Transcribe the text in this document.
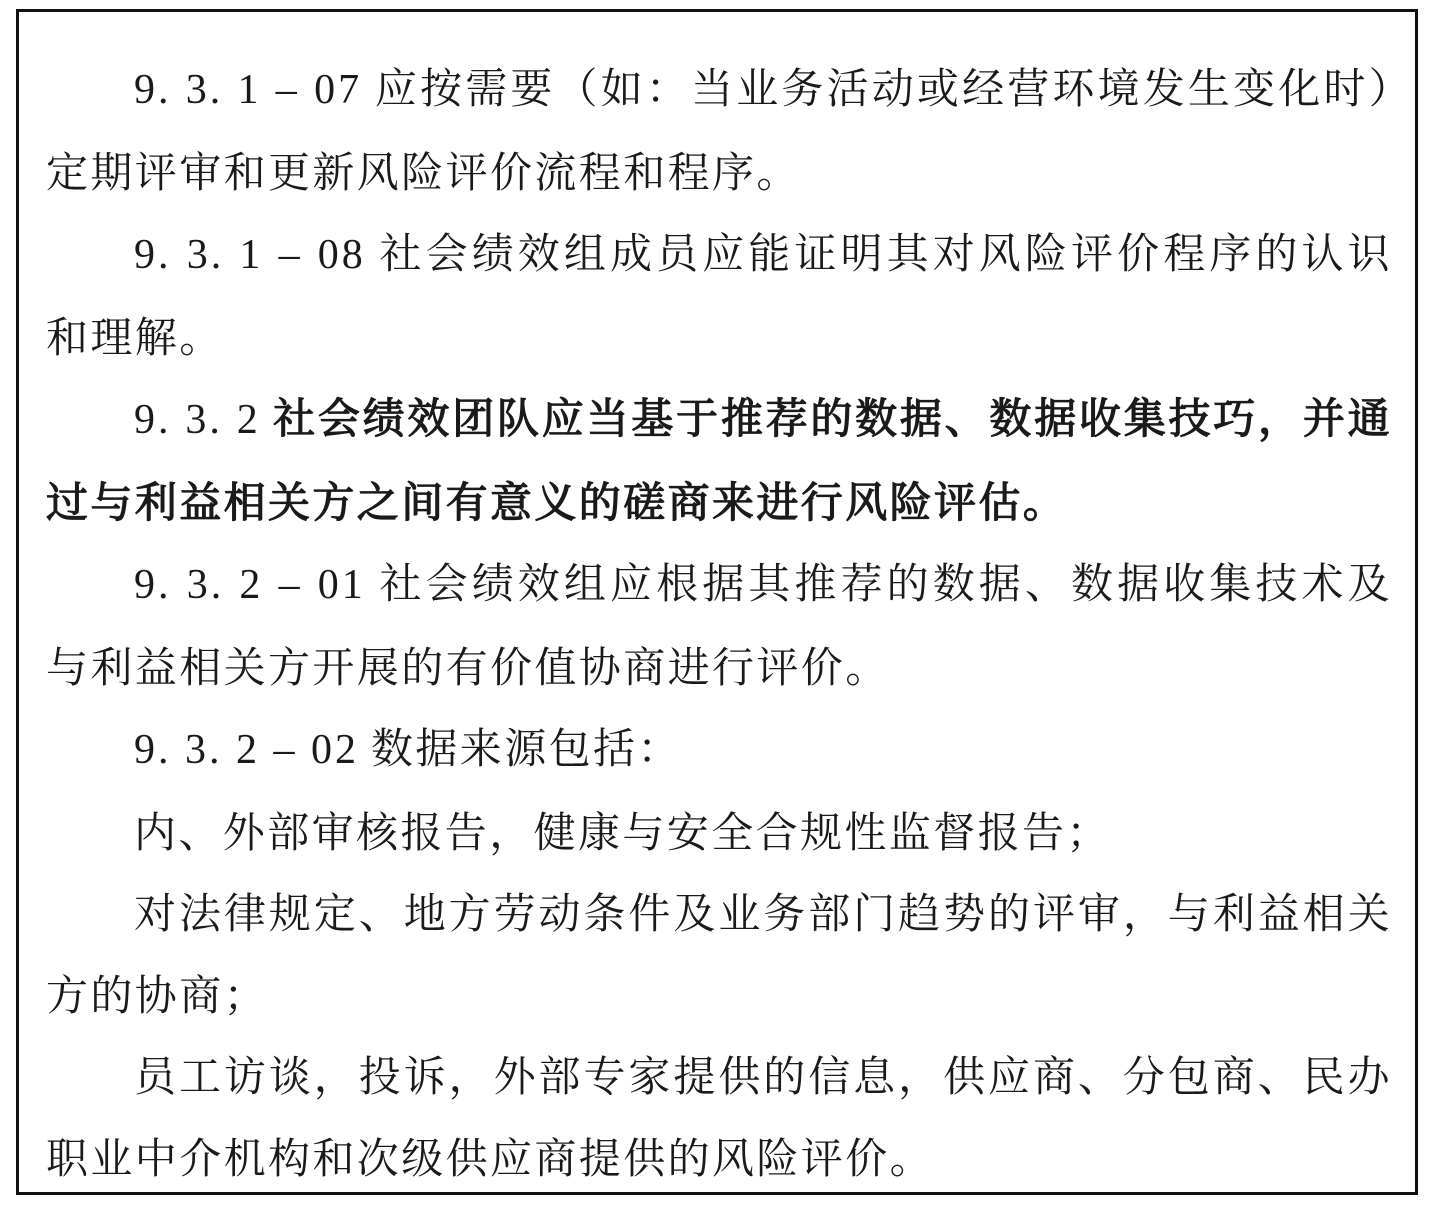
9. 3. 1 – 07 应按需要（如：当业务活动或经营环境发生变化时）定期评审和更新风险评价流程和程序。

9. 3. 1 – 08 社会绩效组成员应能证明其对风险评价程序的认识和理解。

9. 3. 2 社会绩效团队应当基于推荐的数据、数据收集技巧，并通过与利益相关方之间有意义的磋商来进行风险评估。

9. 3. 2 – 01 社会绩效组应根据其推荐的数据、数据收集技术及与利益相关方开展的有价值协商进行评价。

9. 3. 2 – 02 数据来源包括：

内、外部审核报告，健康与安全合规性监督报告；

对法律规定、地方劳动条件及业务部门趋势的评审，与利益相关方的协商；

员工访谈，投诉，外部专家提供的信息，供应商、分包商、民办职业中介机构和次级供应商提供的风险评价。
